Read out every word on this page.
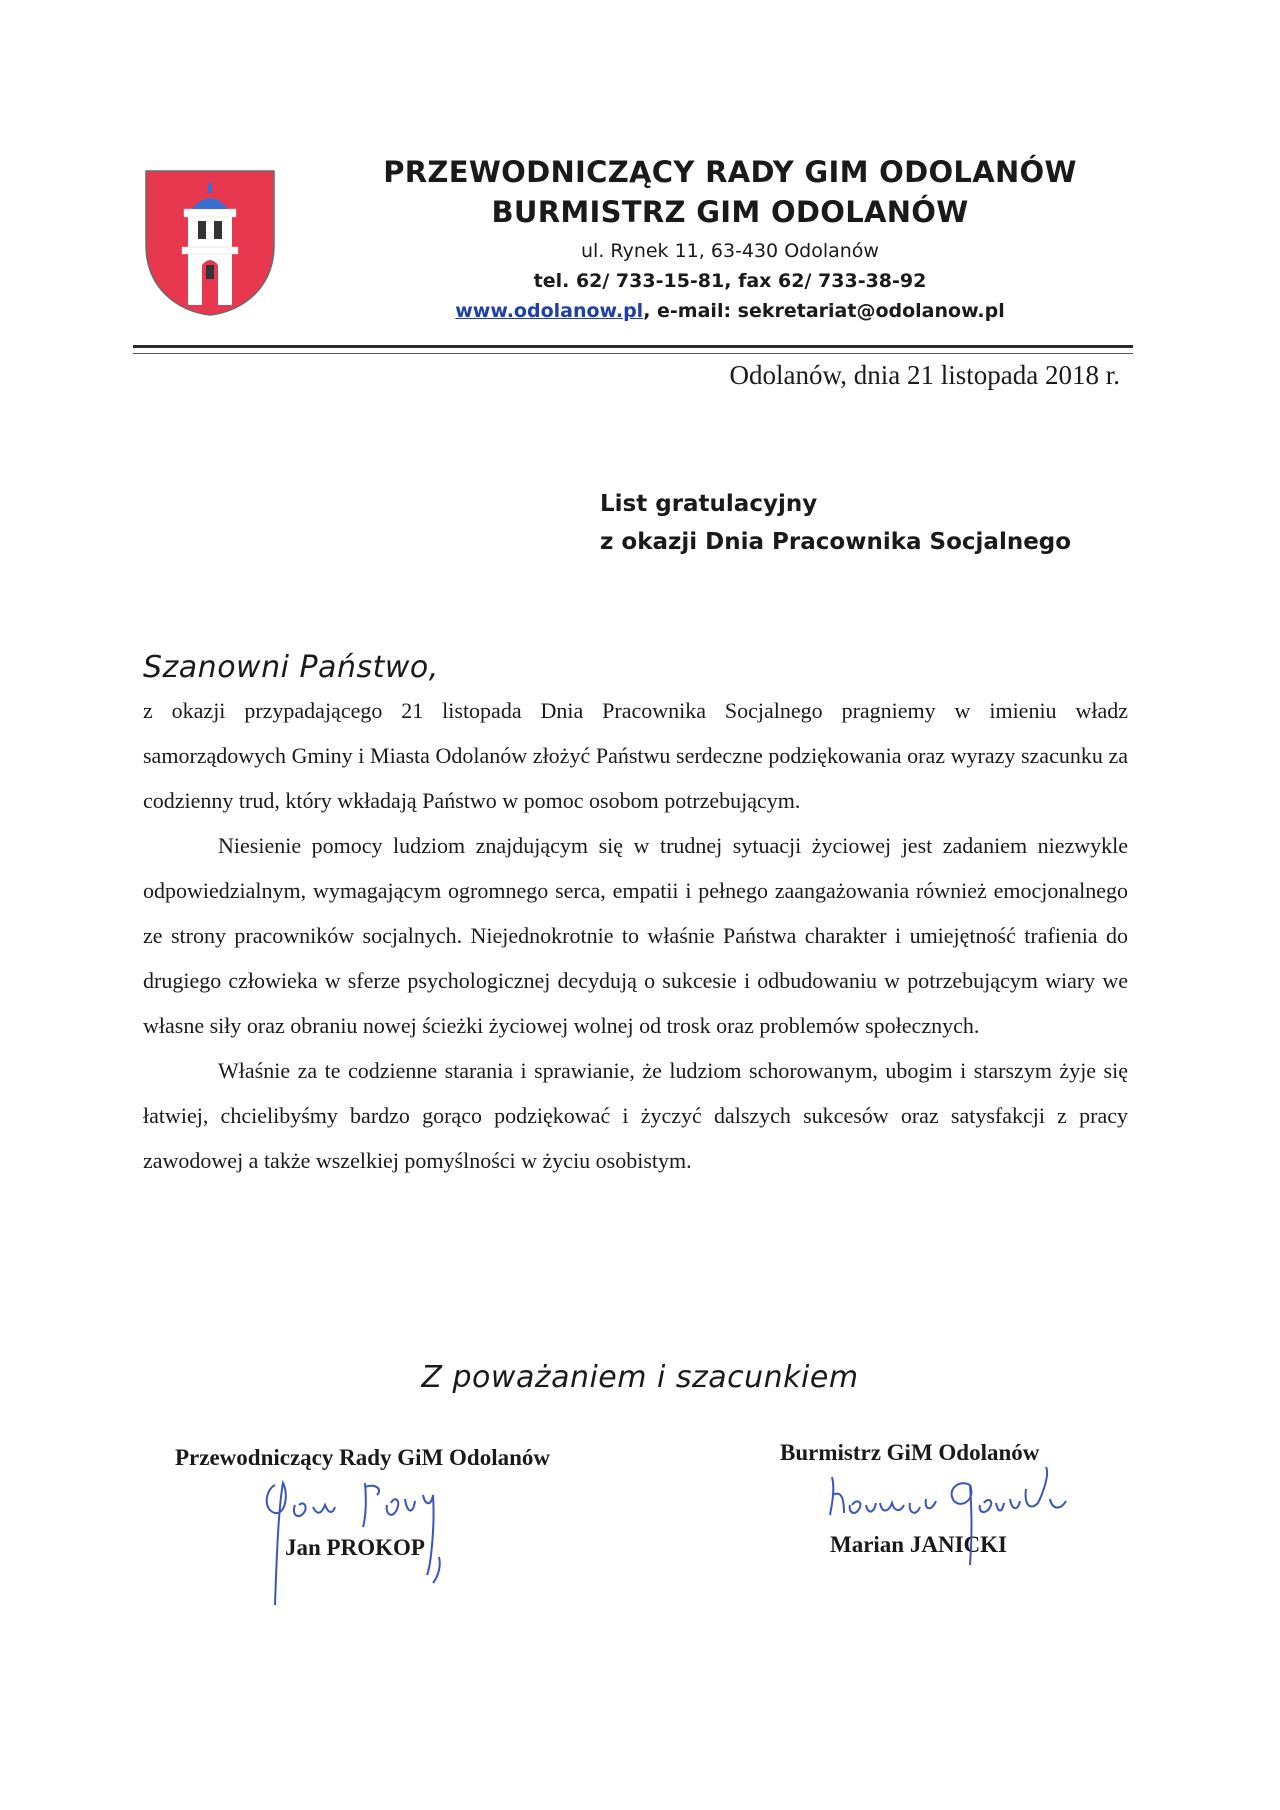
PRZEWODNICZĄCY RADY GIM ODOLANÓW
BURMISTRZ GIM ODOLANÓW
ul. Rynek 11, 63-430 Odolanów
tel. 62/ 733-15-81, fax 62/ 733-38-92
www.odolanow.pl, e-mail: sekretariat@odolanow.pl
Odolanów, dnia 21 listopada 2018 r.
List gratulacyjny
z okazji Dnia Pracownika Socjalnego
Szanowni Państwo,

z okazji przypadającego 21 listopada Dnia Pracownika Socjalnego pragniemy w imieniu władz samorządowych Gminy i Miasta Odolanów złożyć Państwu serdeczne podziękowania oraz wyrazy szacunku za codzienny trud, który wkładają Państwo w pomoc osobom potrzebującym.

Niesienie pomocy ludziom znajdującym się w trudnej sytuacji życiowej jest zadaniem niezwykle odpowiedzialnym, wymagającym ogromnego serca, empatii i pełnego zaangażowania również emocjonalnego ze strony pracowników socjalnych. Niejednokrotnie to właśnie Państwa charakter i umiejętność trafienia do drugiego człowieka w sferze psychologicznej decydują o sukcesie i odbudowaniu w potrzebującym wiary we własne siły oraz obraniu nowej ścieżki życiowej wolnej od trosk oraz problemów społecznych.

Właśnie za te codzienne starania i sprawianie, że ludziom schorowanym, ubogim i starszym żyje się łatwiej, chcielibyśmy bardzo gorąco podziękować i życzyć dalszych sukcesów oraz satysfakcji z pracy zawodowej a także wszelkiej pomyślności w życiu osobistym.

Z poważaniem i szacunkiem
Przewodniczący Rady GiM Odolanów
Jan PROKOP
Burmistrz GiM Odolanów
Marian JANICKI
